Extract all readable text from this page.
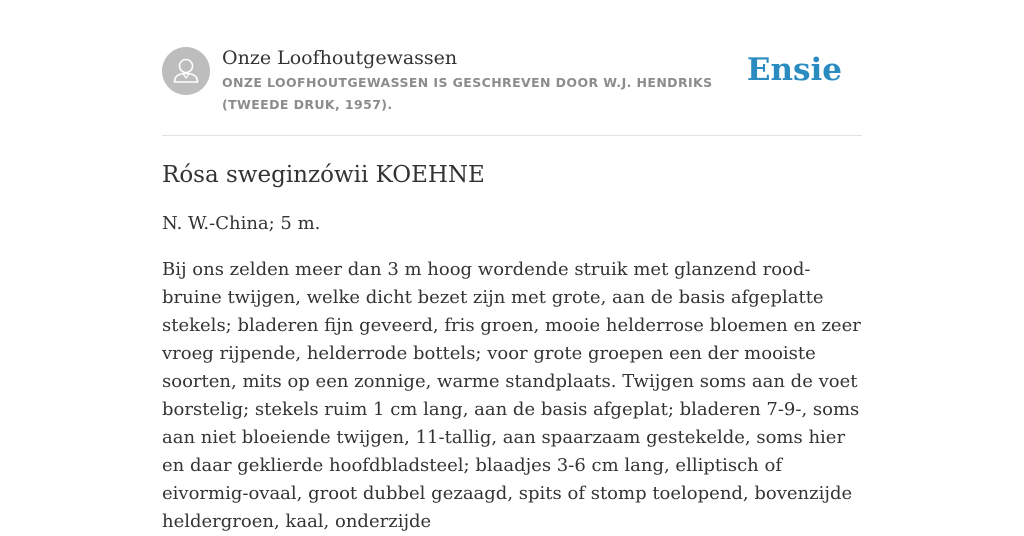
Onze Loofhoutgewassen
ONZE LOOFHOUTGEWASSEN IS GESCHREVEN DOOR W.J. HENDRIKS (TWEEDE DRUK, 1957).
Ensie
Rósa sweginzówii KOEHNE

N. W.-China; 5 m.

Bij ons zelden meer dan 3 m hoog wordende struik met glanzend rood-bruine twijgen, welke dicht bezet zijn met grote, aan de basis afgeplatte stekels; bladeren fijn geveerd, fris groen, mooie helderrose bloemen en zeer vroeg rijpende, helderrode bottels; voor grote groepen een der mooiste soorten, mits op een zonnige, warme standplaats. Twijgen soms aan de voet borstelig; stekels ruim 1 cm lang, aan de basis afgeplat; bladeren 7-9-, soms aan niet bloeiende twijgen, 11-tallig, aan spaarzaam gestekelde, soms hier en daar geklierde hoofdbladsteel; blaadjes 3-6 cm lang, elliptisch of eivormig-ovaal, groot dubbel gezaagd, spits of stomp toelopend, bovenzijde heldergroen, kaal, onderzijde
